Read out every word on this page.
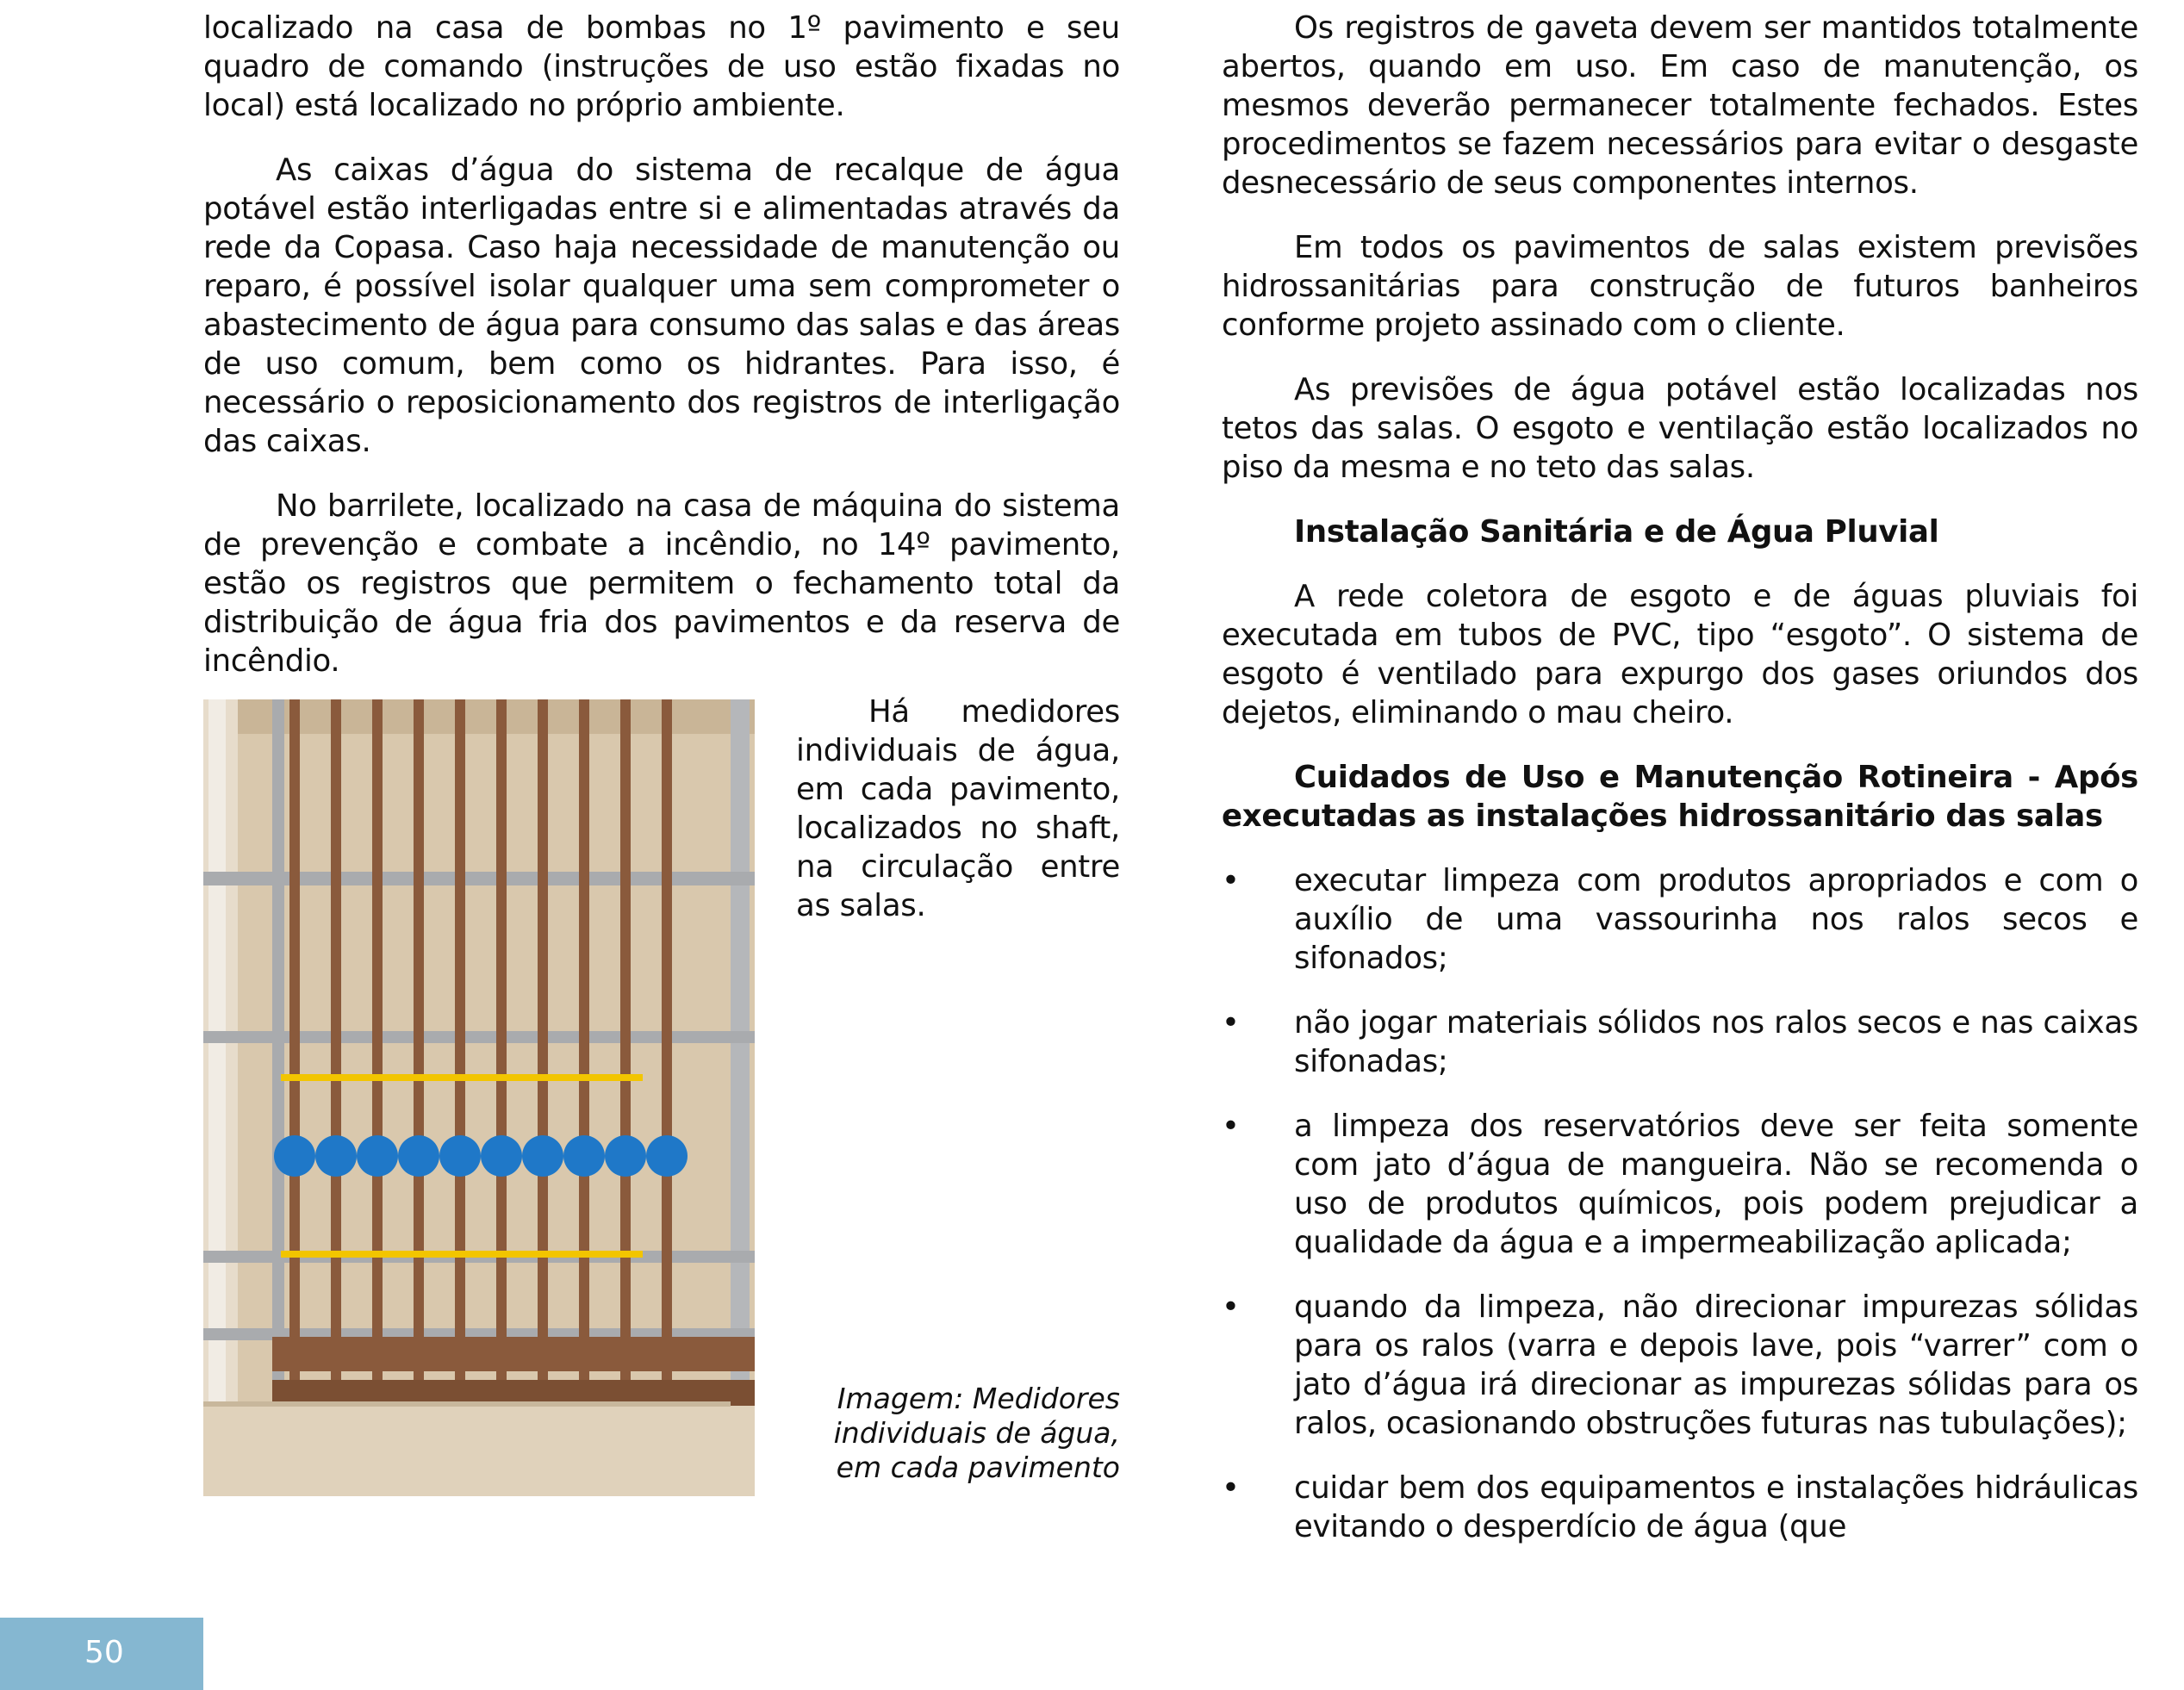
localizado na casa de bombas no 1º pavimento e seu quadro de comando (instruções de uso estão fixadas no local) está localizado no próprio ambiente.

As caixas d’água do sistema de recalque de água potável estão interligadas entre si e alimentadas através da rede da Copasa. Caso haja necessidade de manutenção ou reparo, é possível isolar qualquer uma sem comprometer o abastecimento de água para consumo das salas e das áreas de uso comum, bem como os hidrantes. Para isso, é necessário o reposicionamento dos registros de interligação das caixas.

No barrilete, localizado na casa de máquina do sistema de prevenção e combate a incêndio, no 14º pavimento, estão os registros que permitem o fechamento total da distribuição de água fria dos pavimentos e da reserva de incêndio.

Há medidores individuais de água, em cada pavimento, localizados no shaft, na circulação entre as salas.

Imagem: Medidores individuais de água, em cada pavimento

Os registros de gaveta devem ser mantidos totalmente abertos, quando em uso. Em caso de manutenção, os mesmos deverão permanecer totalmente fechados. Estes procedimentos se fazem necessários para evitar o desgaste desnecessário de seus componentes internos.

Em todos os pavimentos de salas existem previsões hidrossanitárias para construção de futuros banheiros conforme projeto assinado com o cliente.

As previsões de água potável estão localizadas nos tetos das salas. O esgoto e ventilação estão localizados no piso da mesma e no teto das salas.

Instalação Sanitária e de Água Pluvial

A rede coletora de esgoto e de águas pluviais foi executada em tubos de PVC, tipo “esgoto”. O sistema de esgoto é ventilado para expurgo dos gases oriundos dos dejetos, eliminando o mau cheiro.

Cuidados de Uso e Manutenção Rotineira - Após executadas as instalações hidrossanitário das salas

•	executar limpeza com produtos apropriados e com o auxílio de uma vassourinha nos ralos secos e sifonados;
•	não jogar materiais sólidos nos ralos secos e nas caixas sifonadas;
•	a limpeza dos reservatórios deve ser feita somente com jato d’água de mangueira. Não se recomenda o uso de produtos químicos, pois podem prejudicar a qualidade da água e a impermeabilização aplicada;
•	quando da limpeza, não direcionar impurezas sólidas para os ralos (varra e depois lave, pois “varrer” com o jato d’água irá direcionar as impurezas sólidas para os ralos, ocasionando obstruções futuras nas tubulações);
•	cuidar bem dos equipamentos e instalações hidráulicas evitando o desperdício de água (que
50
